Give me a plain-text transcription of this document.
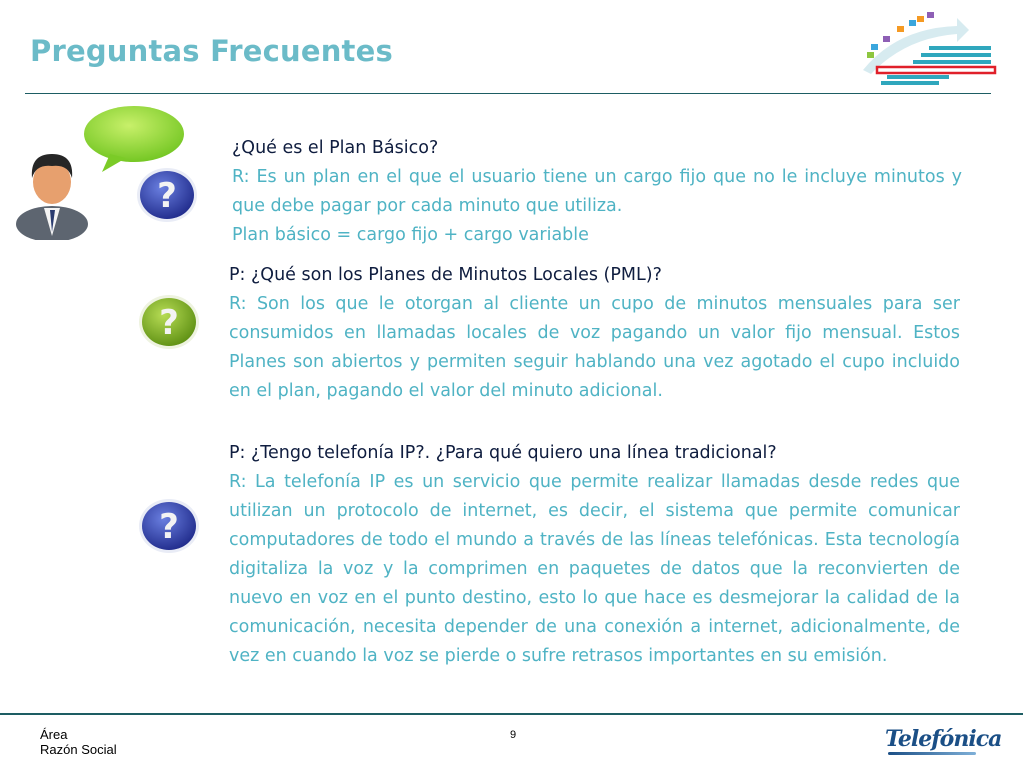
Preguntas Frecuentes
?
?
?
¿Qué es el Plan Básico?
R: Es un plan en el que el usuario tiene un cargo fijo que no le incluye minutos y que debe pagar por cada minuto que utiliza.
Plan básico = cargo fijo + cargo variable
P: ¿Qué son los Planes de Minutos Locales (PML)?
R: Son los que le otorgan al cliente un cupo de minutos mensuales para ser consumidos en llamadas locales de voz pagando un valor fijo mensual. Estos Planes son abiertos y permiten seguir hablando una vez agotado el cupo incluido en el plan, pagando el valor del minuto adicional.
P: ¿Tengo telefonía IP?. ¿Para qué quiero una línea tradicional?
R: La telefonía IP es un servicio que permite realizar llamadas desde redes que utilizan un protocolo de internet, es decir, el sistema que permite comunicar computadores de todo el mundo a través de las líneas telefónicas. Esta tecnología digitaliza la voz y la comprimen en paquetes de datos que la reconvierten de nuevo en voz en el punto destino, esto lo que hace es desmejorar la calidad de la comunicación, necesita depender de una conexión a internet, adicionalmente, de vez en cuando la voz se pierde o sufre retrasos importantes en su emisión.
Área
Razón Social
9	Telefónica
